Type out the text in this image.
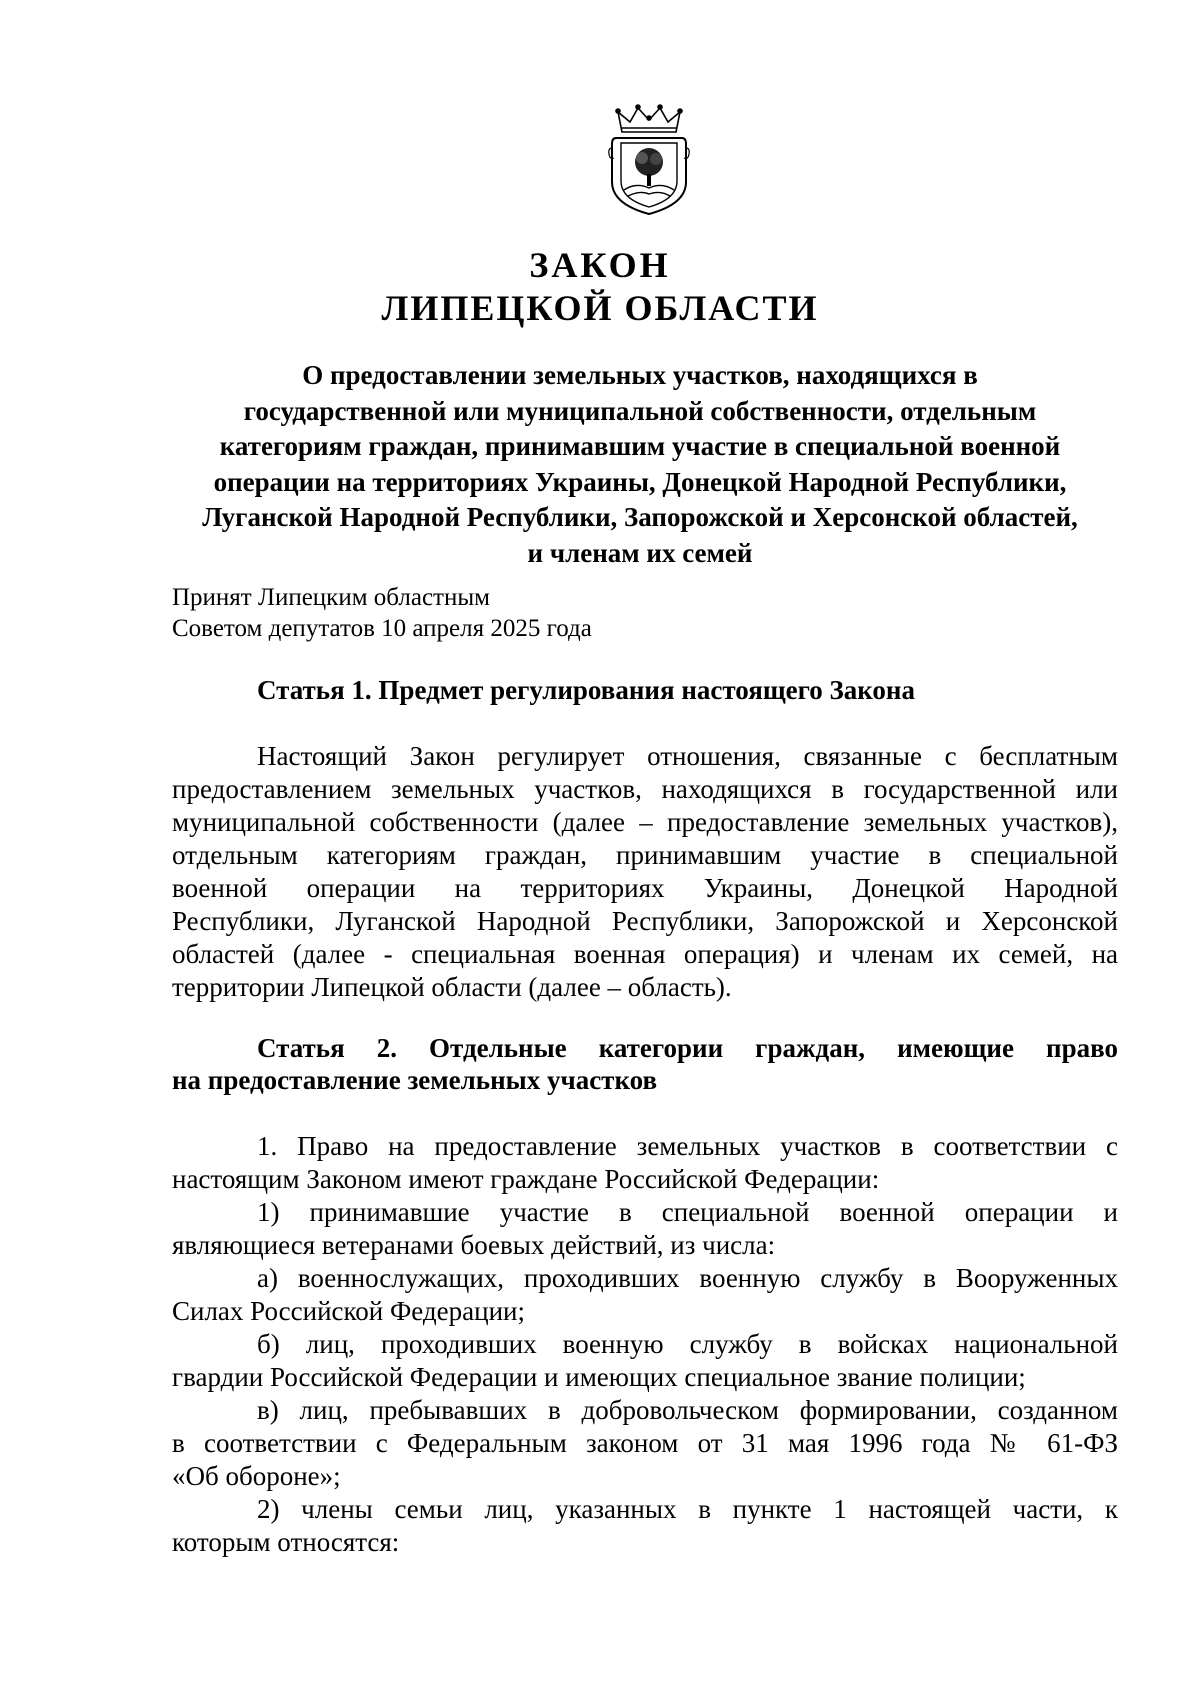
ЗАКОН
ЛИПЕЦКОЙ ОБЛАСТИ
О предоставлении земельных участков, находящихся в
государственной или муниципальной собственности, отдельным
категориям граждан, принимавшим участие в специальной военной
операции на территориях Украины, Донецкой Народной Республики,
Луганской Народной Республики, Запорожской и Херсонской областей,
и членам их семей
Принят Липецким областным
Советом депутатов 10 апреля 2025 года
Статья 1. Предмет регулирования настоящего Закона
Настоящий Закон регулирует отношения, связанные с бесплатным
предоставлением земельных участков, находящихся в государственной или
муниципальной собственности (далее – предоставление земельных участков),
отдельным категориям граждан, принимавшим участие в специальной
военной операции на территориях Украины, Донецкой Народной
Республики, Луганской Народной Республики, Запорожской и Херсонской
областей (далее - специальная военная операция) и членам их семей, на
территории Липецкой области (далее – область).
Статья 2. Отдельные категории граждан, имеющие право
на предоставление земельных участков
1. Право на предоставление земельных участков в соответствии с
настоящим Законом имеют граждане Российской Федерации:
1) принимавшие участие в специальной военной операции и
являющиеся ветеранами боевых действий, из числа:
а) военнослужащих, проходивших военную службу в Вооруженных
Силах Российской Федерации;
б) лиц, проходивших военную службу в войсках национальной
гвардии Российской Федерации и имеющих специальное звание полиции;
в) лиц, пребывавших в добровольческом формировании, созданном
в соответствии с Федеральным законом от 31 мая 1996 года № 61-ФЗ
«Об обороне»;
2) члены семьи лиц, указанных в пункте 1 настоящей части, к
которым относятся:
